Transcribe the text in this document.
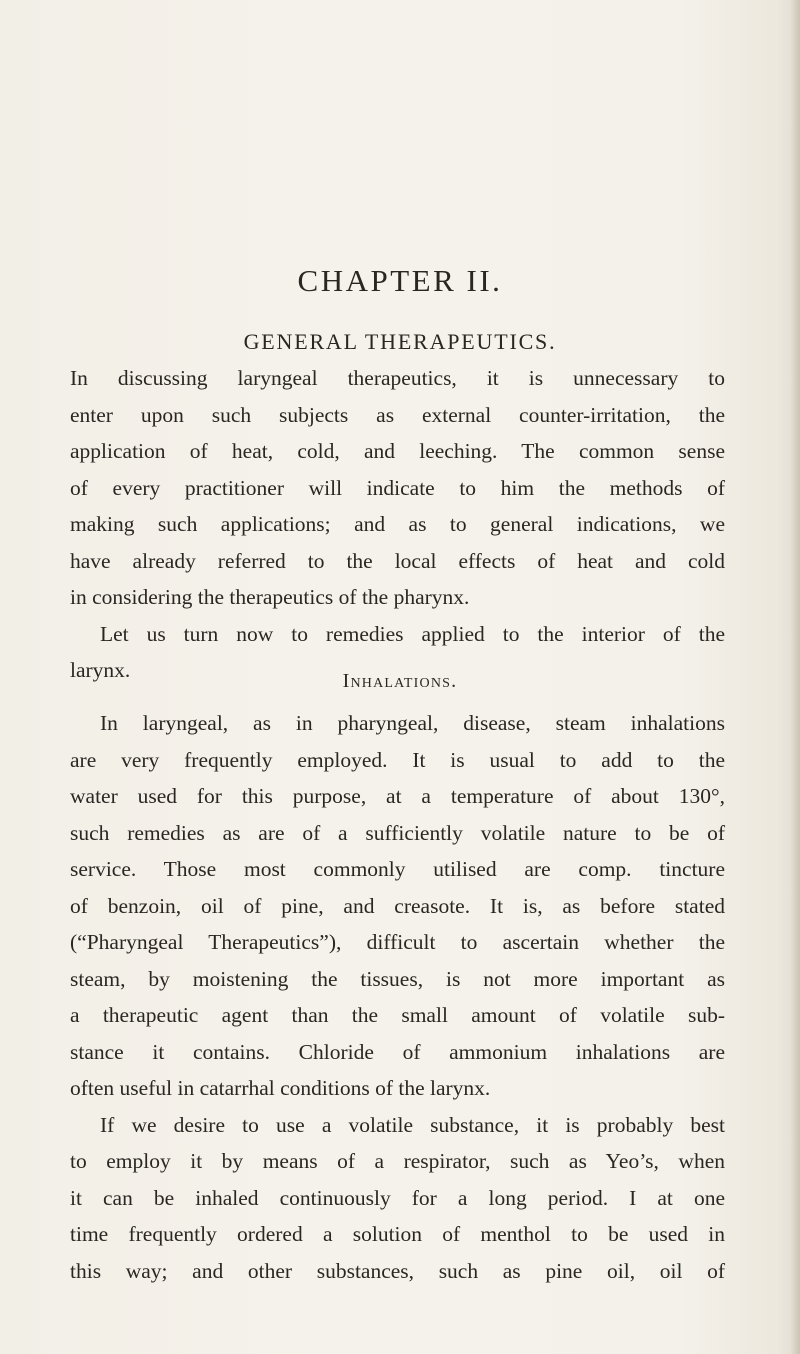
CHAPTER II.
GENERAL THERAPEUTICS.
In discussing laryngeal therapeutics, it is unnecessary to
enter upon such subjects as external counter-irritation, the
application of heat, cold, and leeching. The common sense
of every practitioner will indicate to him the methods of
making such applications; and as to general indications, we
have already referred to the local effects of heat and cold
in considering the therapeutics of the pharynx.
Let us turn now to remedies applied to the interior of the
larynx.	Inhalations.
In laryngeal, as in pharyngeal, disease, steam inhalations
are very frequently employed. It is usual to add to the
water used for this purpose, at a temperature of about 130°,
such remedies as are of a sufficiently volatile nature to be of
service. Those most commonly utilised are comp. tincture
of benzoin, oil of pine, and creasote. It is, as before stated
(“Pharyngeal Therapeutics”), difficult to ascertain whether the
steam, by moistening the tissues, is not more important as
a therapeutic agent than the small amount of volatile sub-
stance it contains. Chloride of ammonium inhalations are
often useful in catarrhal conditions of the larynx.
If we desire to use a volatile substance, it is probably best
to employ it by means of a respirator, such as Yeo’s, when
it can be inhaled continuously for a long period. I at one
time frequently ordered a solution of menthol to be used in
this way; and other substances, such as pine oil, oil of
